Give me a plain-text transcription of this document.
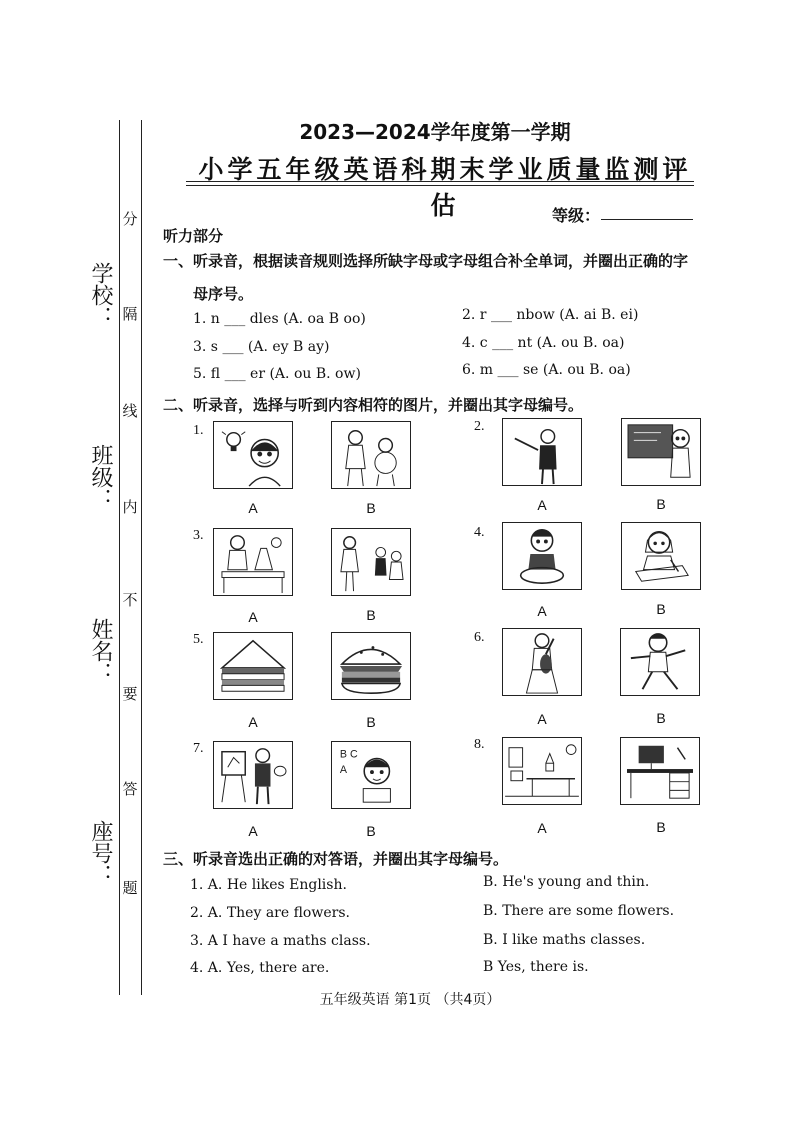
学校：
班级：
姓名：
座号：
分
隔
线
内
不
要
答
题
2023—2024学年度第一学期
小学五年级英语科期末学业质量监测评估	等级：
听力部分
一、听录音，根据读音规则选择所缺字母或字母组合补全单词，并圈出正确的字
母序号。
1. n ___ dles (A. oa B oo)	2. r ___ nbow (A. ai B. ei)
3. s ___ (A. ey B ay)	4. c ___ nt (A. ou B. oa)
5. fl ___ er (A. ou B. ow)	6. m ___ se (A. ou B. oa)
二、听录音，选择与听到内容相符的图片，并圈出其字母编号。
1.
A	B
2.
A	B
3.
A	B
4.
A	B
5.
A	B
6.
A	B
7.
A
B C
A
B
8.
A	B
三、听录音选出正确的对答语，并圈出其字母编号。
1. A. He likes English.	B. He's young and thin.
2. A. They are flowers.	B. There are some flowers.
3. A I have a maths class.	B. I like maths classes.
4. A. Yes, there are.	B Yes, there is.
五年级英语 第1页 （共4页）
